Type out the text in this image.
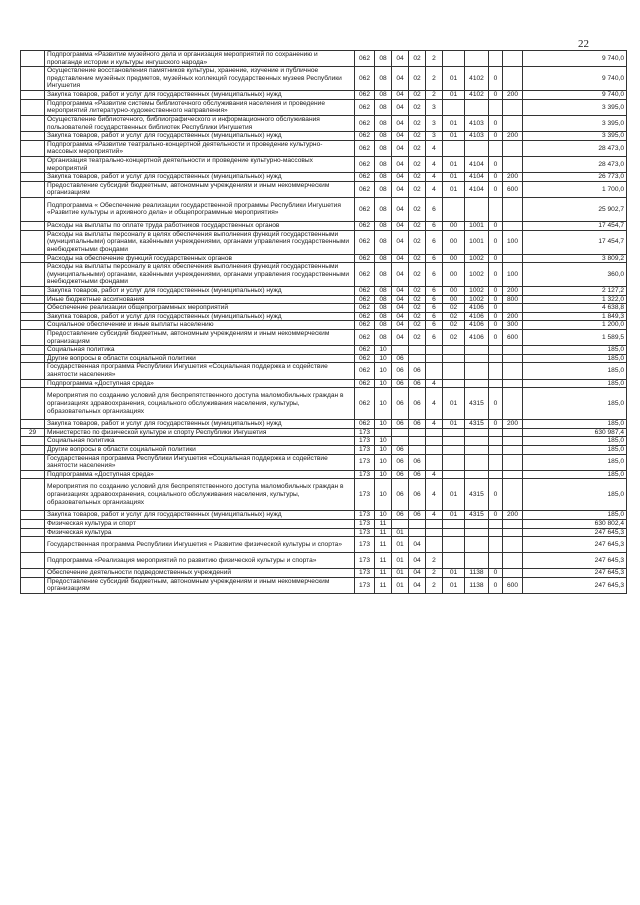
22
	Подпрограмма «Развитие музейного дела и организация мероприятий по сохранению и пропаганде истории и культуры ингушского народа»	062	08	04	02	2					9 740,0
	Осуществление восстановления памятников культуры, хранение, изучение и публичное представление музейных предметов, музейных коллекций государственных музеев Республики Ингушетия	062	08	04	02	2	01	4102	0		9 740,0
	Закупка товаров, работ и услуг для государственных (муниципальных) нужд	062	08	04	02	2	01	4102	0	200	9 740,0
	Подпрограмма «Развитие системы библиотечного обслуживания населения и проведение мероприятий литературно-художественного направления»	062	08	04	02	3					3 395,0
	Осуществление библиотечного, библиографического и информационного обслуживания пользователей государственных библиотек Республики Ингушетия	062	08	04	02	3	01	4103	0		3 395,0
	Закупка товаров, работ и услуг для государственных (муниципальных) нужд	062	08	04	02	3	01	4103	0	200	3 395,0
	Подпрограмма «Развитие театрально-концертной деятельности и проведение культурно-массовых мероприятий»	062	08	04	02	4					28 473,0
	Организация театрально-концертной деятельности и проведение культурно-массовых мероприятий	062	08	04	02	4	01	4104	0		28 473,0
	Закупка товаров, работ и услуг для государственных (муниципальных) нужд	062	08	04	02	4	01	4104	0	200	26 773,0
	Предоставление субсидий бюджетным, автономным учреждениям и иным некоммерческим организациям	062	08	04	02	4	01	4104	0	600	1 700,0
	Подпрограмма « Обеспечение реализации государственной программы Республики Ингушетия «Развитие культуры и архивного дела» и общепрограммные мероприятия»	062	08	04	02	6					25 902,7
	Расходы на выплаты по оплате труда работников государственных органов	062	08	04	02	6	00	1001	0		17 454,7
	Расходы на выплаты персоналу в целях обеспечения выполнения функций государственными (муниципальными) органами, казёнными учреждениями, органами управления государственными внебюджетными фондами	062	08	04	02	6	00	1001	0	100	17 454,7
	Расходы на обеспечение функций государственных органов	062	08	04	02	6	00	1002	0		3 809,2
	Расходы на выплаты персоналу в целях обеспечения выполнения функций государственными (муниципальными) органами, казёнными учреждениями, органами управления государственными внебюджетными фондами	062	08	04	02	6	00	1002	0	100	360,0
	Закупка товаров, работ и услуг для государственных (муниципальных) нужд	062	08	04	02	6	00	1002	0	200	2 127,2
	Иные бюджетные ассигнования	062	08	04	02	6	00	1002	0	800	1 322,0
	Обеспечение реализации общепрограммных мероприятий	062	08	04	02	6	02	4106	0		4 638,8
	Закупка товаров, работ и услуг для государственных (муниципальных) нужд	062	08	04	02	6	02	4106	0	200	1 849,3
	Социальное обеспечение и иные выплаты населению	062	08	04	02	6	02	4106	0	300	1 200,0
	Предоставление субсидий бюджетным, автономным учреждениям и иным некоммерческим организациям	062	08	04	02	6	02	4106	0	600	1 589,5
	Социальная политика	062	10								185,0
	Другие вопросы в области социальной политики	062	10	06							185,0
	Государственная программа Республики Ингушетия «Социальная поддержка и содействие занятости населения»	062	10	06	06						185,0
	Подпрограмма «Доступная среда»	062	10	06	06	4					185,0
	Мероприятия по созданию условий для беспрепятственного доступа маломобильных граждан в организациях здравоохранения, социального обслуживания населения, культуры, образовательных организациях	062	10	06	06	4	01	4315	0		185,0
	Закупка товаров, работ и услуг для государственных (муниципальных) нужд	062	10	06	06	4	01	4315	0	200	185,0
29	Министерство по физической культуре и спорту Республики Ингушетия	173									630 987,4
	Социальная политика	173	10								185,0
	Другие вопросы в области социальной политики	173	10	06							185,0
	Государственная программа Республики Ингушетия «Социальная поддержка и содействие занятости населения»	173	10	06	06						185,0
	Подпрограмма «Доступная среда»	173	10	06	06	4					185,0
	Мероприятия по созданию условий для беспрепятственного доступа маломобильных граждан в организациях здравоохранения, социального обслуживания населения, культуры, образовательных организациях	173	10	06	06	4	01	4315	0		185,0
	Закупка товаров, работ и услуг для государственных (муниципальных) нужд	173	10	06	06	4	01	4315	0	200	185,0
	Физическая культура и спорт	173	11								630 802,4
	Физическая культура	173	11	01							247 645,3
	Государственная программа Республики Ингушетия « Развитие физической культуры и спорта»	173	11	01	04						247 645,3
	Подпрограмма «Реализация мероприятий по развитию физической культуры и спорта»	173	11	01	04	2					247 645,3
	Обеспечение деятельности подведомственных учреждений	173	11	01	04	2	01	1138	0		247 645,3
	Предоставление субсидий бюджетным, автономным учреждениям и иным некоммерческим организациям	173	11	01	04	2	01	1138	0	600	247 645,3
